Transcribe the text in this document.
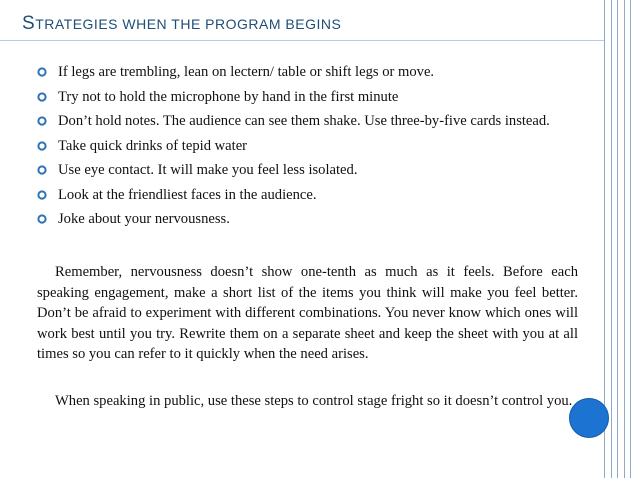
STRATEGIES WHEN THE PROGRAM BEGINS
If legs are trembling, lean on lectern/ table or shift legs or move.
Try not to hold the microphone by hand in the first minute
Don’t hold notes. The audience can see them shake. Use three-by-five cards instead.
Take quick drinks of tepid water
Use eye contact. It will make you feel less isolated.
Look at the friendliest faces in the audience.
Joke about your nervousness.

Remember, nervousness doesn’t show one-tenth as much as it feels. Before each speaking engagement, make a short list of the items you think will make you feel better. Don’t be afraid to experiment with different combinations. You never know which ones will work best until you try. Rewrite them on a separate sheet and keep the sheet with you at all times so you can refer to it quickly when the need arises.

When speaking in public, use these steps to control stage fright so it doesn’t control you.
